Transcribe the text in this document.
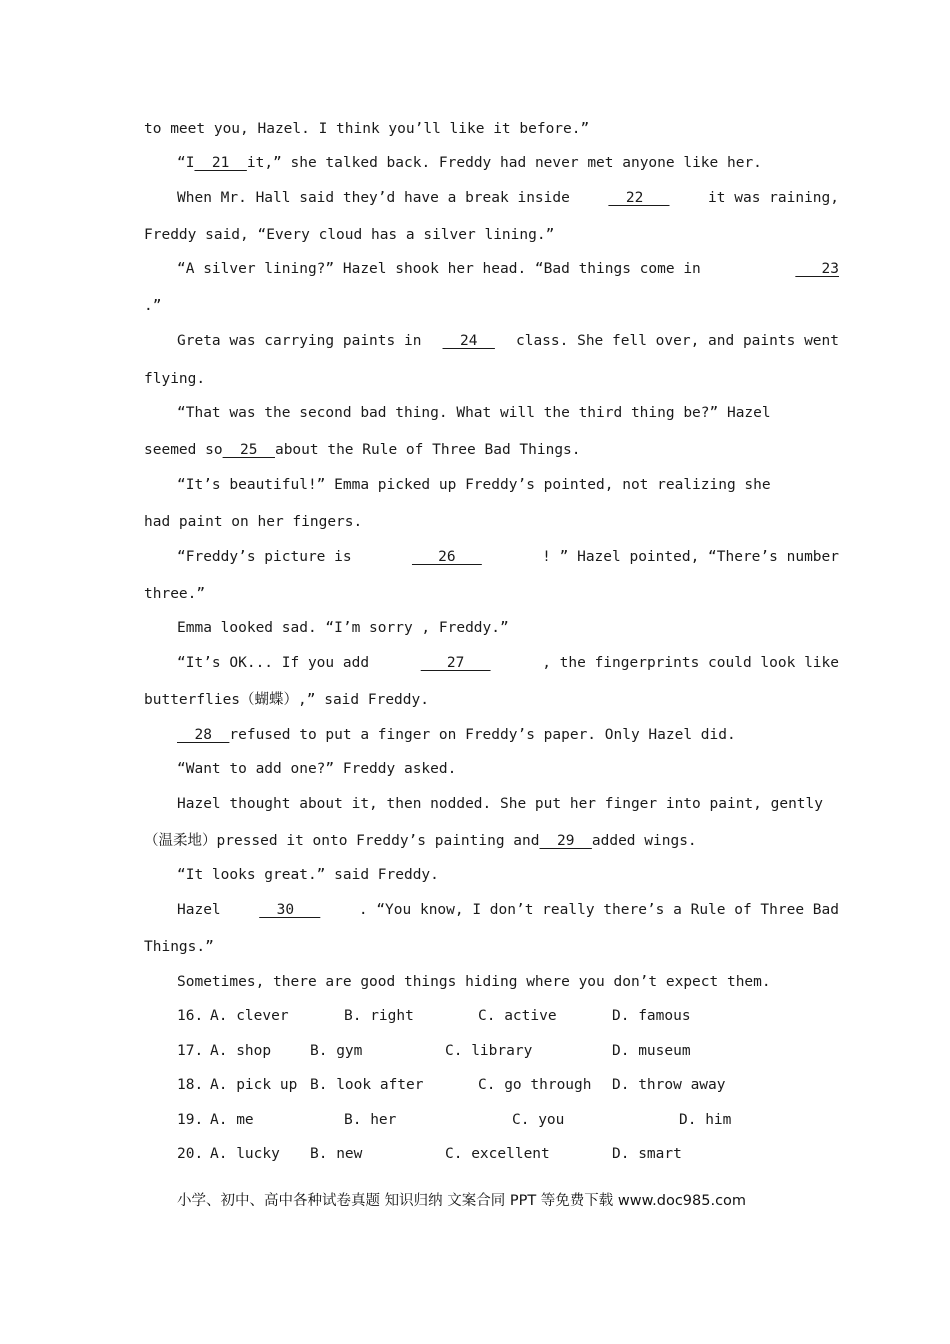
to meet you, Hazel. I think you’ll like it before.”
“I 21 it,” she talked back. Freddy had never met anyone like her.
When Mr. Hall said they’d have a break inside	22	it was raining,
Freddy said, “Every cloud has a silver lining.”
“A silver lining?” Hazel shook her head. “Bad things come in	23
.”
Greta was carrying paints in 24 class. She fell over, and paints went
flying.
“That was the second bad thing. What will the third thing be?” Hazel
seemed so 25 about the Rule of Three Bad Things.
“It’s beautiful!” Emma picked up Freddy’s pointed, not realizing she
had paint on her fingers.
“Freddy’s picture is	26	! ” Hazel pointed, “There’s number
three.”
Emma looked sad. “I’m sorry , Freddy.”
“It’s OK... If you add	27	, the fingerprints could look like
butterflies（蝴蝶）,” said Freddy.
28 refused to put a finger on Freddy’s paper. Only Hazel did.
“Want to add one?” Freddy asked.
Hazel thought about it, then nodded. She put her finger into paint, gently
（温柔地）pressed it onto Freddy’s painting and 29 added wings.
“It looks great.” said Freddy.
Hazel	30	. “You know, I don’t really there’s a Rule of Three Bad
Things.”
Sometimes, there are good things hiding where you don’t expect them.
16. A. clever	B. right	C. active	D. famous
17. A. shop	B. gym	C. library	D. museum
18. A. pick up B. look after	C. go through D. throw away
19. A. me	B. her	C. you	D. him
20. A. lucky B. new	C. excellent	D. smart
小学、初中、高中各种试卷真题 知识归纳 文案合同 PPT 等免费下载 www.doc985.com
